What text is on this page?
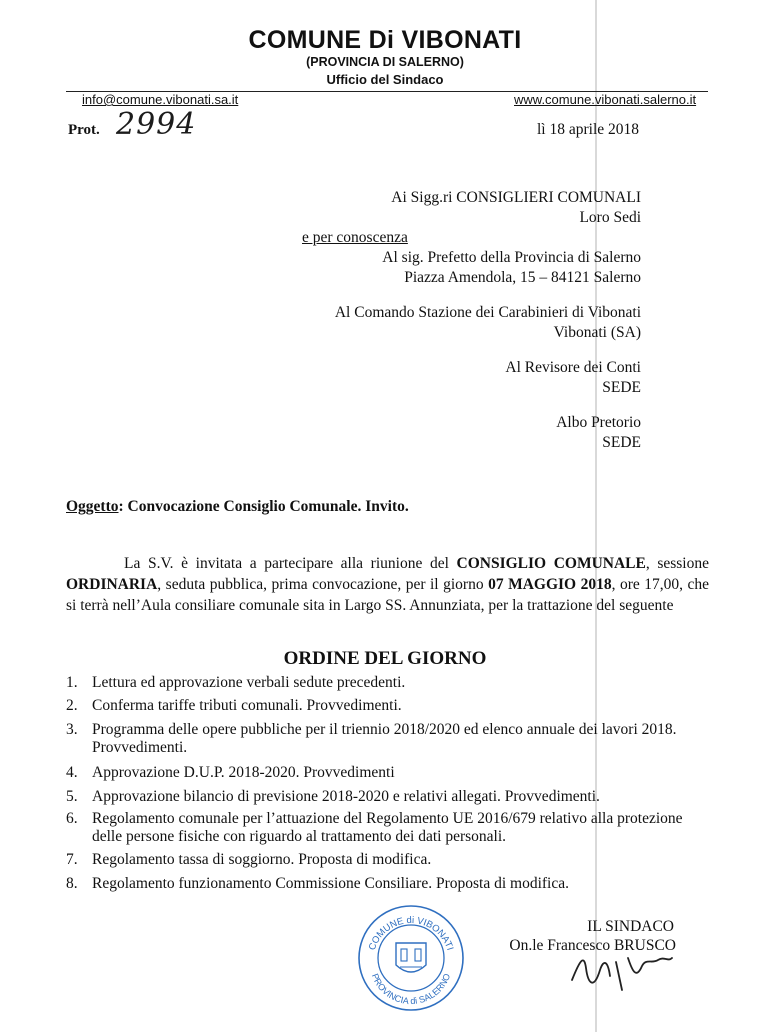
COMUNE Di VIBONATI
(PROVINCIA DI SALERNO)
Ufficio del Sindaco
info@comune.vibonati.sa.it	www.comune.vibonati.salerno.it
Prot. 2994	lì 18 aprile 2018
Ai Sigg.ri CONSIGLIERI COMUNALI
Loro Sedi
e per conoscenza
Al sig. Prefetto della Provincia di Salerno
Piazza Amendola, 15 – 84121 Salerno
Al Comando Stazione dei Carabinieri di Vibonati
Vibonati (SA)
Al Revisore dei Conti
SEDE
Albo Pretorio
SEDE
Oggetto: Convocazione Consiglio Comunale. Invito.
La S.V. è invitata a partecipare alla riunione del CONSIGLIO COMUNALE, sessione ORDINARIA, seduta pubblica, prima convocazione, per il giorno 07 MAGGIO 2018, ore 17,00, che si terrà nell’Aula consiliare comunale sita in Largo SS. Annunziata, per la trattazione del seguente
ORDINE DEL GIORNO
1. Lettura ed approvazione verbali sedute precedenti.
2. Conferma tariffe tributi comunali. Provvedimenti.
3. Programma delle opere pubbliche per il triennio 2018/2020 ed elenco annuale dei lavori 2018. Provvedimenti.
4. Approvazione D.U.P. 2018-2020. Provvedimenti
5. Approvazione bilancio di previsione 2018-2020 e relativi allegati. Provvedimenti.
6. Regolamento comunale per l’attuazione del Regolamento UE 2016/679 relativo alla protezione delle persone fisiche con riguardo al trattamento dei dati personali.
7. Regolamento tassa di soggiorno. Proposta di modifica.
8. Regolamento funzionamento Commissione Consiliare. Proposta di modifica.
COMUNE di VIBONATI
PROVINCIA di SALERNO
IL SINDACO
On.le Francesco BRUSCO
